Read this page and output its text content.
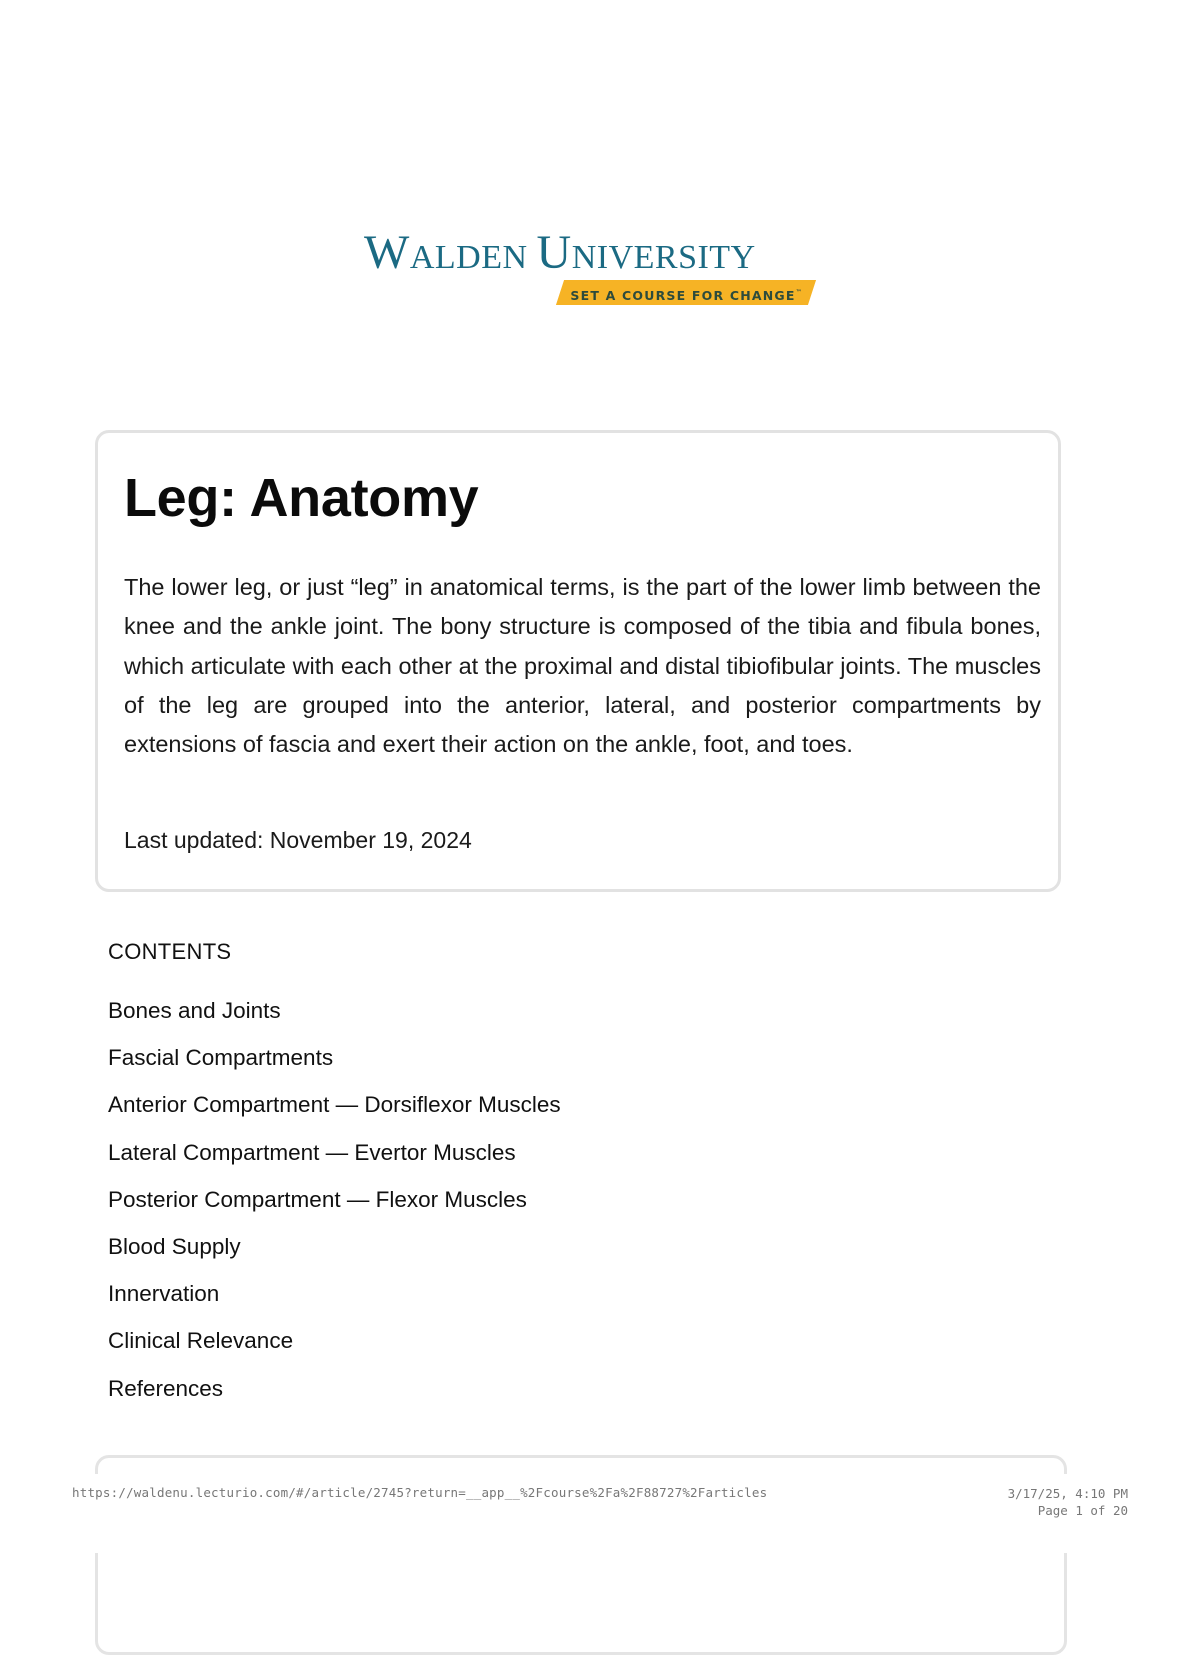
WALDEN UNIVERSITY
SET A COURSE FOR CHANGE™
Leg: Anatomy

The lower leg, or just “leg” in anatomical terms, is the part of the lower limb between the knee and the ankle joint. The bony structure is composed of the tibia and fibula bones, which articulate with each other at the proximal and distal tibiofibular joints. The muscles of the leg are grouped into the anterior, lateral, and posterior compartments by extensions of fascia and exert their action on the ankle, foot, and toes.

Last updated: November 19, 2024

CONTENTS
Bones and Joints
Fascial Compartments
Anterior Compartment — Dorsiflexor Muscles
Lateral Compartment — Evertor Muscles
Posterior Compartment — Flexor Muscles
Blood Supply
Innervation
Clinical Relevance
References
https://waldenu.lecturio.com/#/article/2745?return=__app__%2Fcourse%2Fa%2F88727%2Farticles	3/17/25, 4:10 PM
Page 1 of 20
